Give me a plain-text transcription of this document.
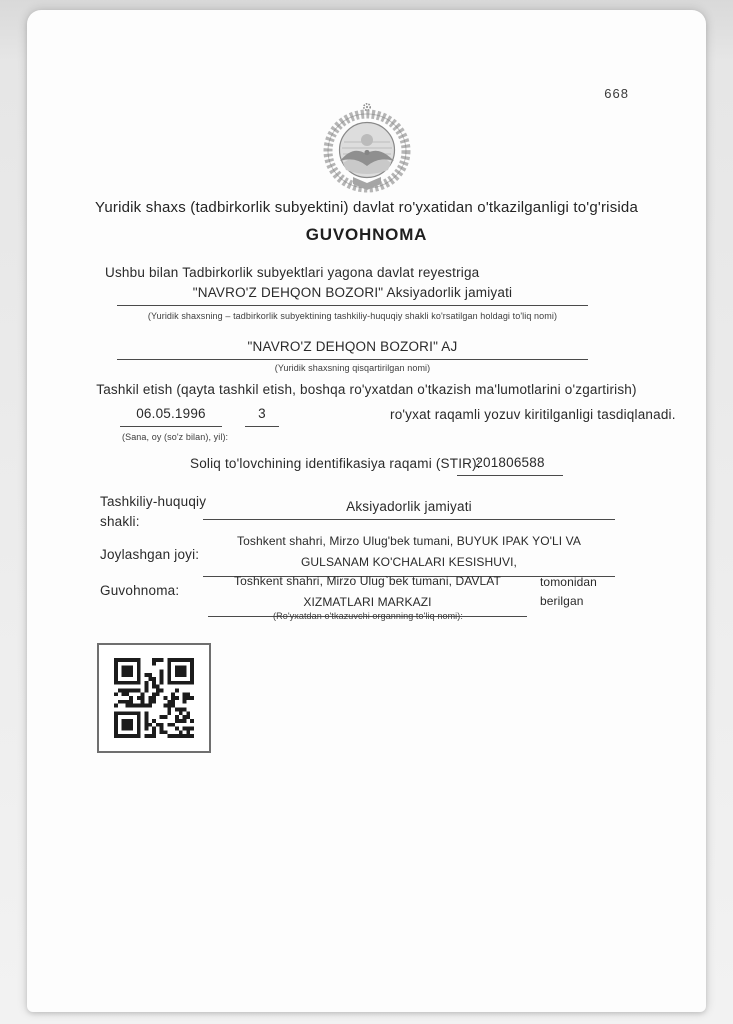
668
Yuridik shaxs (tadbirkorlik subyektini) davlat ro'yxatidan o'tkazilganligi to'g'risida
GUVOHNOMA
Ushbu bilan Tadbirkorlik subyektlari yagona davlat reyestriga
"NAVRO'Z DEHQON BOZORI" Aksiyadorlik jamiyati
(Yuridik shaxsning – tadbirkorlik subyektining tashkiliy-huquqiy shakli ko'rsatilgan holdagi to'liq nomi)
"NAVRO'Z DEHQON BOZORI" AJ
(Yuridik shaxsning qisqartirilgan nomi)
Tashkil etish (qayta tashkil etish, boshqa ro'yxatdan o'tkazish ma'lumotlarini o'zgartirish)
06.05.1996	3	ro'yxat raqamli yozuv kiritilganligi tasdiqlanadi.
(Sana, oy (so'z bilan), yil):
Soliq to'lovchining identifikasiya raqami (STIR):
201806588
Tashkiliy-huquqiy shakli:
Aksiyadorlik jamiyati
Joylashgan joyi:
Toshkent shahri, Mirzo Ulug'bek tumani, BUYUK IPAK YO'LI VA GULSANAM KO'CHALARI KESISHUVI,
Guvohnoma:
Toshkent shahri, Mirzo Ulug`bek tumani, DAVLAT XIZMATLARI MARKAZI
tomonidan berilgan
(Ro'yxatdan o'tkazuvchi organning to'liq nomi):
